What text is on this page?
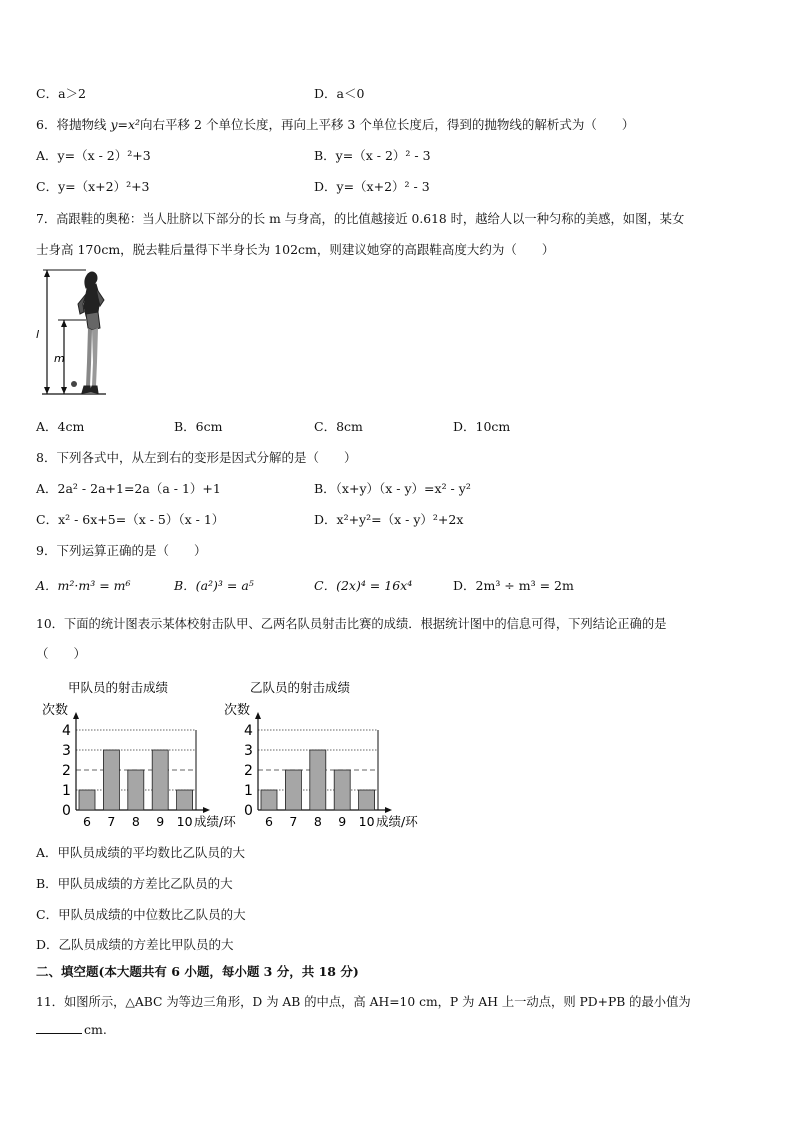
C．a＞2	D．a＜0
6．将抛物线 y=x²向右平移 2 个单位长度，再向上平移 3 个单位长度后，得到的抛物线的解析式为（　　）
A．y=（x - 2）²+3	B．y=（x - 2）² - 3
C．y=（x+2）²+3	D．y=（x+2）² - 3
7．高跟鞋的奥秘：当人肚脐以下部分的长 m 与身高，的比值越接近 0.618 时，越给人以一种匀称的美感，如图，某女
士身高 170cm，脱去鞋后量得下半身长为 102cm，则建议她穿的高跟鞋高度大约为（　　）
l
m
A．4cm	B．6cm	C．8cm	D．10cm
8．下列各式中，从左到右的变形是因式分解的是（　　）
A．2a² - 2a+1=2a（a - 1）+1	B．（x+y）（x - y）=x² - y²
C．x² - 6x+5=（x - 5）（x - 1）	D．x²+y²=（x - y）²+2x
9．下列运算正确的是（　　）
A．m²·m³ = m⁶	B．(a²)³ = a⁵	C．(2x)⁴ = 16x⁴	D．2m³ ÷ m³ = 2m
10．下面的统计图表示某体校射击队甲、乙两名队员射击比赛的成绩．根据统计图中的信息可得，下列结论正确的是
（　　）
甲队员的射击成绩
次数
0
1
2
3
4
6 7 8 9 10 成绩/环
乙队员的射击成绩
次数
0
1
2
3
4
6 7 8 9 10 成绩/环
A．甲队员成绩的平均数比乙队员的大
B．甲队员成绩的方差比乙队员的大
C．甲队员成绩的中位数比乙队员的大
D．乙队员成绩的方差比甲队员的大
二、填空题(本大题共有 6 小题，每小题 3 分，共 18 分)
11．如图所示，△ABC 为等边三角形，D 为 AB 的中点，高 AH=10 cm，P 为 AH 上一动点，则 PD+PB 的最小值为
cm.
